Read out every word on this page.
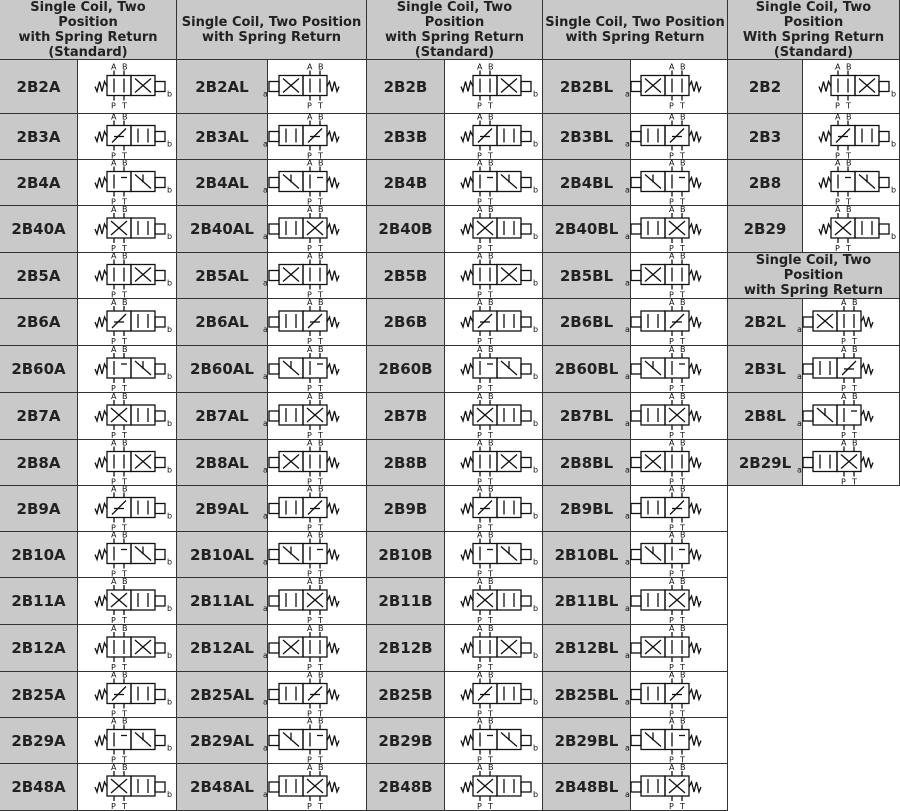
Single Coil, Two Position
with Spring Return
(Standard)
Single Coil, Two Position
with Spring Return
Single Coil, Two Position
with Spring Return
(Standard)
Single Coil, Two Position
with Spring Return
Single Coil, Two Position
With Spring Return
(Standard)
2B2A
A B
P T
b
2B3A
A B
P T
b
2B4A
A B
P T
b
2B40A
A B
P T
b
2B5A
A B
P T
b
2B6A
A B
P T
b
2B60A
A B
P T
b
2B7A
A B
P T
b
2B8A
A B
P T
b
2B9A
A B
P T
b
2B10A
A B
P T
b
2B11A
A B
P T
b
2B12A
A B
P T
b
2B25A
A B
P T
b
2B29A
A B
P T
b
2B48A
A B
P T
b
2B2AL
A B
P T
a
2B3AL
A B
P T
a
2B4AL
A B
P T
a
2B40AL
A B
P T
a
2B5AL
A B
P T
a
2B6AL
A B
P T
a
2B60AL
A B
P T
a
2B7AL
A B
P T
a
2B8AL
A B
P T
a
2B9AL
A B
P T
a
2B10AL
A B
P T
a
2B11AL
A B
P T
a
2B12AL
A B
P T
a
2B25AL
A B
P T
a
2B29AL
A B
P T
a
2B48AL
A B
P T
a
2B2B
A B
P T
b
2B3B
A B
P T
b
2B4B
A B
P T
b
2B40B
A B
P T
b
2B5B
A B
P T
b
2B6B
A B
P T
b
2B60B
A B
P T
b
2B7B
A B
P T
b
2B8B
A B
P T
b
2B9B
A B
P T
b
2B10B
A B
P T
b
2B11B
A B
P T
b
2B12B
A B
P T
b
2B25B
A B
P T
b
2B29B
A B
P T
b
2B48B
A B
P T
b
2B2BL
A B
P T
a
2B3BL
A B
P T
a
2B4BL
A B
P T
a
2B40BL
A B
P T
a
2B5BL
A B
P T
a
2B6BL
A B
P T
a
2B60BL
A B
P T
a
2B7BL
A B
P T
a
2B8BL
A B
P T
a
2B9BL
A B
P T
a
2B10BL
A B
P T
a
2B11BL
A B
P T
a
2B12BL
A B
P T
a
2B25BL
A B
P T
a
2B29BL
A B
P T
a
2B48BL
A B
P T
a
2B2
A B
P T
b
2B3
A B
P T
b
2B8
A B
P T
b
2B29
A B
P T
b
Single Coil, Two Position
with Spring Return
2B2L
A B
P T
a
2B3L
A B
P T
a
2B8L
A B
P T
a
2B29L
A B
P T
a
